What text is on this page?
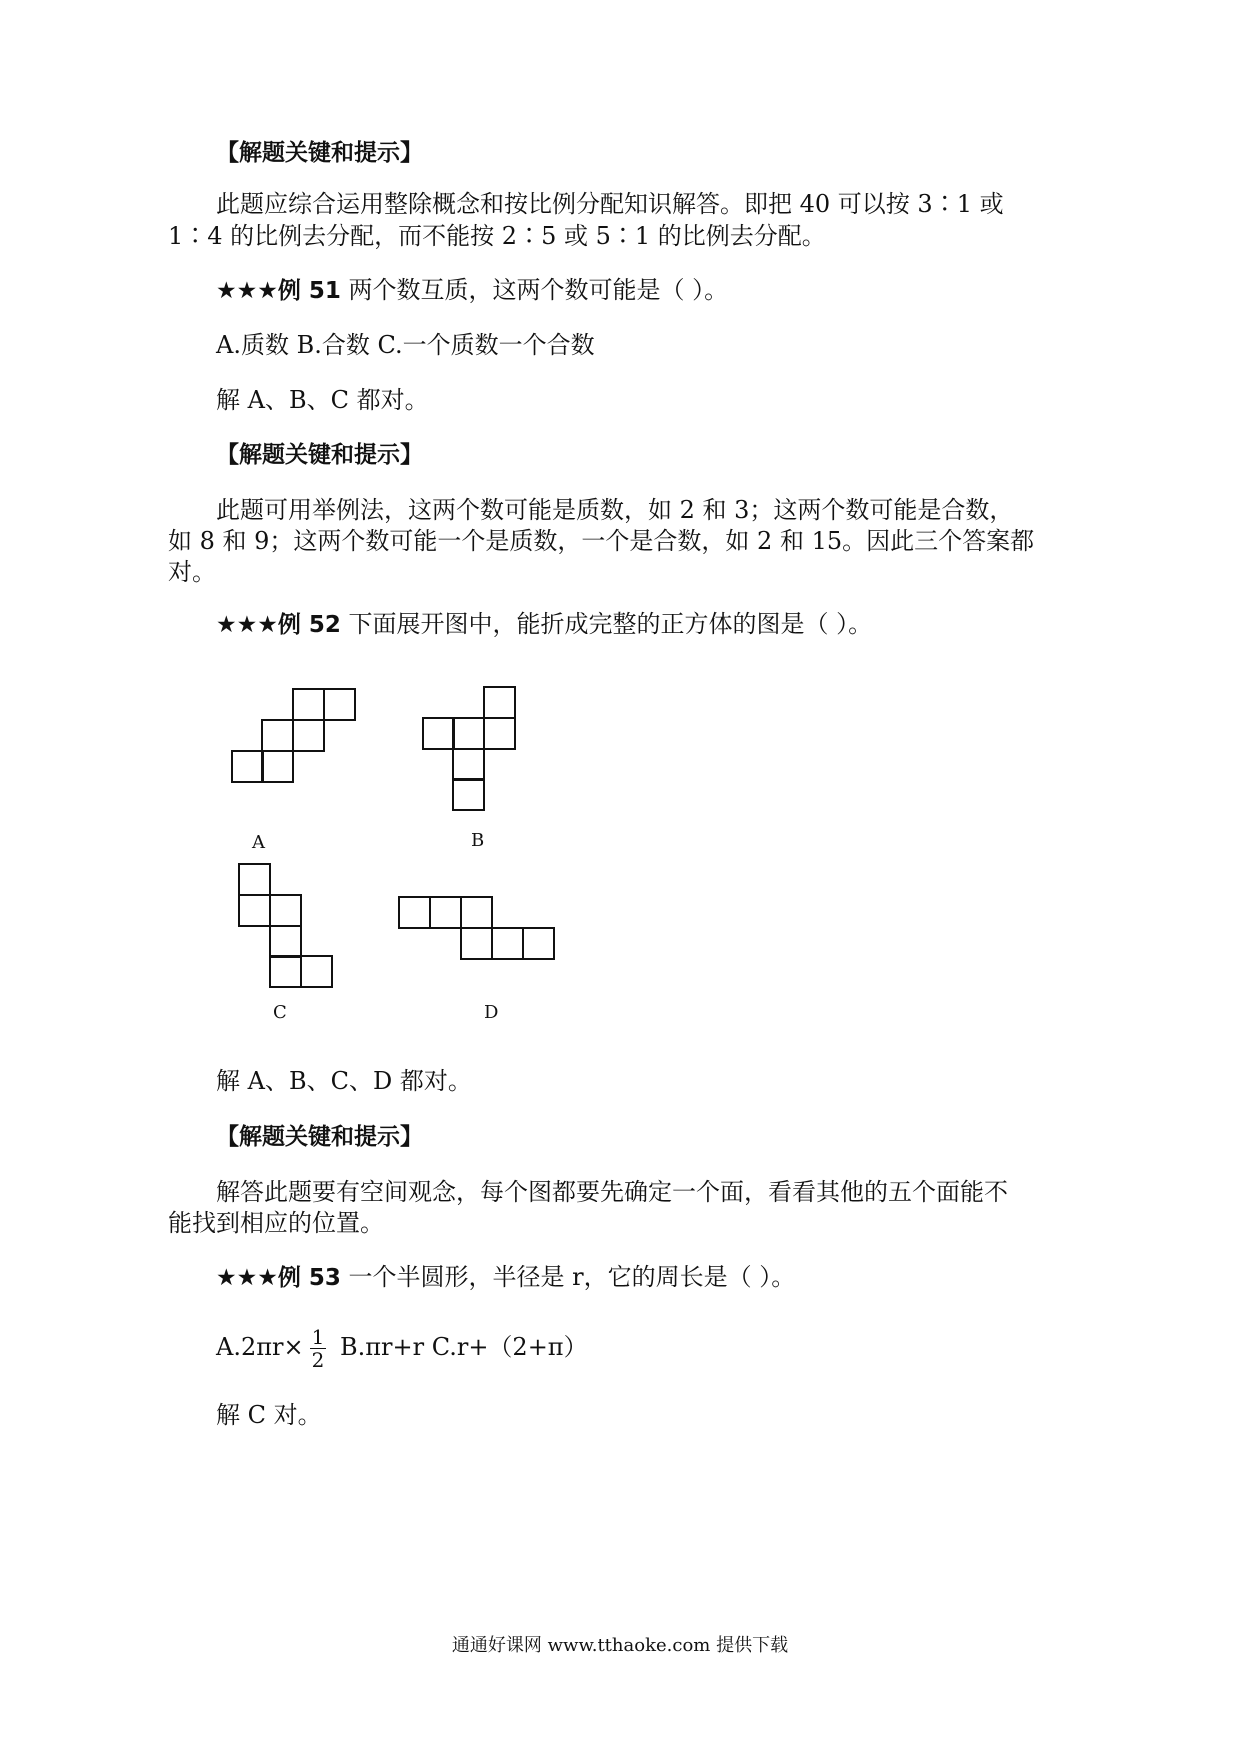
【解题关键和提示】
此题应综合运用整除概念和按比例分配知识解答。即把 40 可以按 3∶1 或
1∶4 的比例去分配，而不能按 2∶5 或 5∶1 的比例去分配。
★★★例 51 两个数互质，这两个数可能是（ ）。
A.质数 B.合数 C.一个质数一个合数
解 A、B、C 都对。
【解题关键和提示】
此题可用举例法，这两个数可能是质数，如 2 和 3；这两个数可能是合数，
如 8 和 9；这两个数可能一个是质数，一个是合数，如 2 和 15。因此三个答案都
对。
★★★例 52 下面展开图中，能折成完整的正方体的图是（ ）。
A	B
C	D
解 A、B、C、D 都对。
【解题关键和提示】
解答此题要有空间观念，每个图都要先确定一个面，看看其他的五个面能不
能找到相应的位置。
★★★例 53 一个半圆形，半径是 r，它的周长是（ ）。
$A.2\pi r\times \frac{1}{2} B.\pi r+r$ C.r+（2+π）
解 C 对。
通通好课网 www.tthaoke.com 提供下载
